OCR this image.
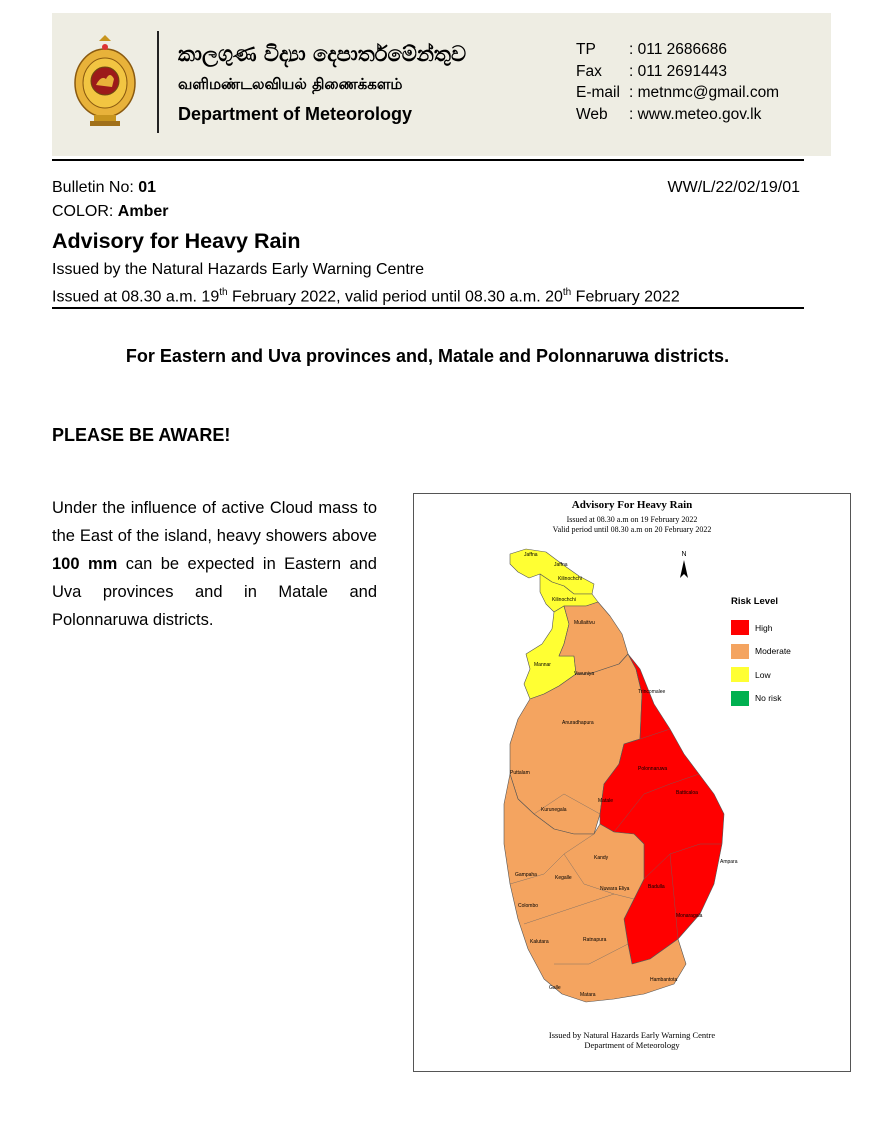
කාලගුණ විද්‍යා දෙපාර්තමේන්තුව
வளிமண்டலவியல் திணைக்களம்
Department of Meteorology
TP	: 011 2686686
Fax	: 011 2691443
E-mail : metnmc@gmail.com
Web	: www.meteo.gov.lk
Bulletin No: 01
COLOR: Amber
WW/L/22/02/19/01
Advisory for Heavy Rain
Issued by the Natural Hazards Early Warning Centre
Issued at 08.30 a.m. 19th February 2022, valid period until 08.30 a.m. 20th February 2022
For Eastern and Uva provinces and, Matale and Polonnaruwa districts.
PLEASE BE AWARE!
Under the influence of active Cloud mass to the East of the island, heavy showers above 100 mm can be expected in Eastern and Uva provinces and in Matale and Polonnaruwa districts.
Advisory For Heavy Rain
Issued at 08.30 a.m on 19 February 2022
Valid period until 08.30 a.m on 20 February 2022
N
Jaffna
Jaffna
Kilinochchi
Kilinochchi
Mullaitivu
Mannar
Vavuniya
Trincomalee
Anuradhapura
Puttalam
Polonnaruwa
Batticaloa
Matale
Kurunegala
Kandy
Ampara
Gampaha	Kegalle
Nuwara Eliya	Badulla
Colombo
Monaragala
Kalutara	Ratnapura
Hambantota
Galle
Matara
Risk Level
High
Moderate
Low
No risk
Issued by Natural Hazards Early Warning Centre
Department of Meteorology
